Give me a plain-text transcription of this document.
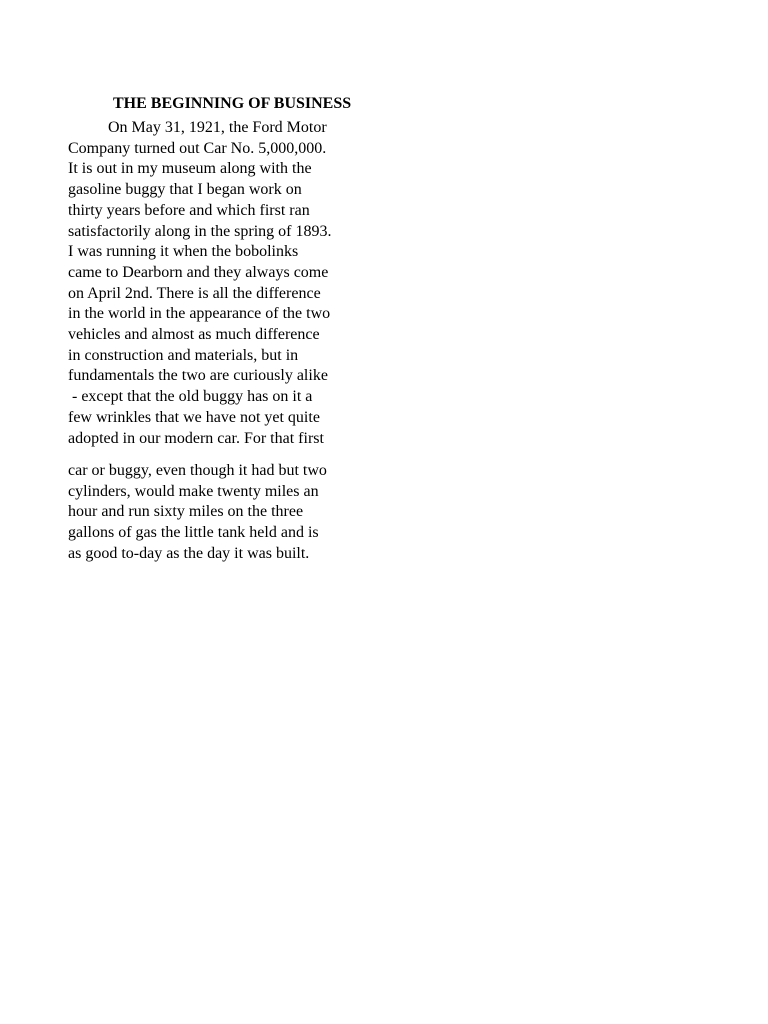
THE BEGINNING OF BUSINESS
On May 31, 1921, the Ford Motor
Company turned out Car No. 5,000,000.
It is out in my museum along with the
gasoline buggy that I began work on
thirty years before and which first ran
satisfactorily along in the spring of 1893.
I was running it when the bobolinks
came to Dearborn and they always come
on April 2nd. There is all the difference
in the world in the appearance of the two
vehicles and almost as much difference
in construction and materials, but in
fundamentals the two are curiously alike
- except that the old buggy has on it a
few wrinkles that we have not yet quite
adopted in our modern car. For that first
car or buggy, even though it had but two
cylinders, would make twenty miles an
hour and run sixty miles on the three
gallons of gas the little tank held and is
as good to-day as the day it was built.
